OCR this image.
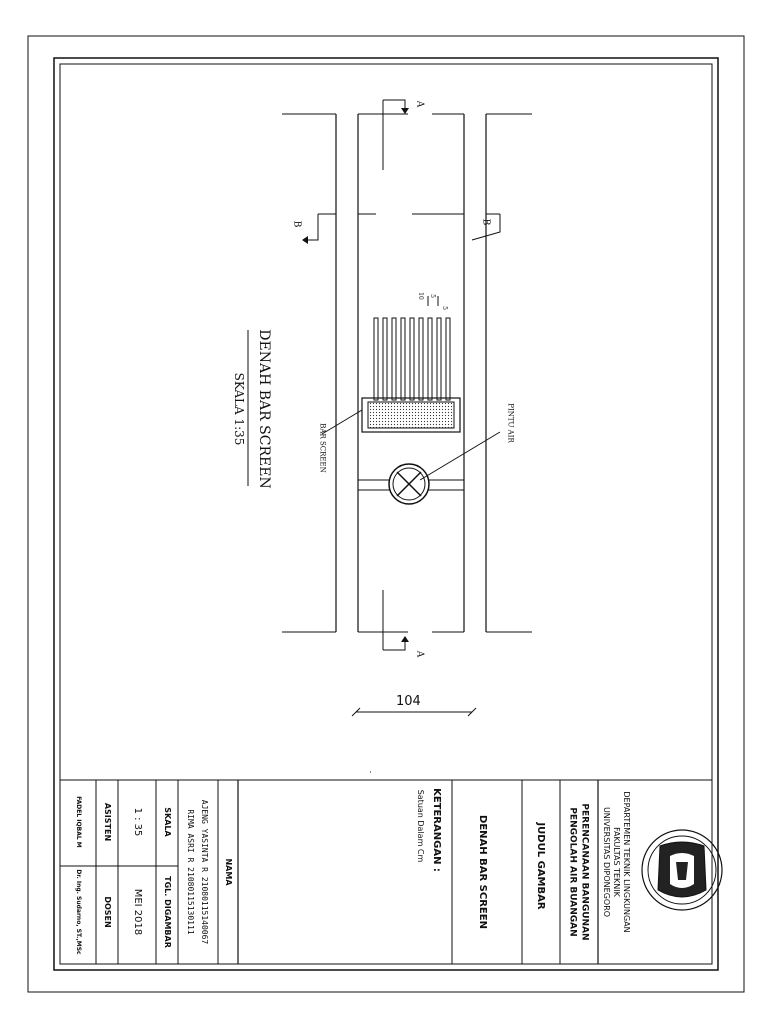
DENAH BAR SCREEN
SKALA 1:35
A
A
B	B
BAR SCREEN
PINTU AIR
5
5
10
104
DEPARTEMEN TEKNIK LINGKUNGAN
FAKULTAS TEKNIK
UNIVERSITAS DIPONEGORO
PERENCANAAN BANGUNAN
PENGOLAH AIR BUANGAN
JUDUL GAMBAR
DENAH BAR SCREEN
KETERANGAN :
Satuan Dalam Cm
NAMA
AJENG YASINTA R 21080115140067
RIMA ASRI R 21080115130111
SKALA
1 : 35
TGL. DIGAMBAR
MEI 2018
ASISTEN
FADEL IQBAL M
DOSEN
Dr. Ing. Sudarno, ST.,MSc
